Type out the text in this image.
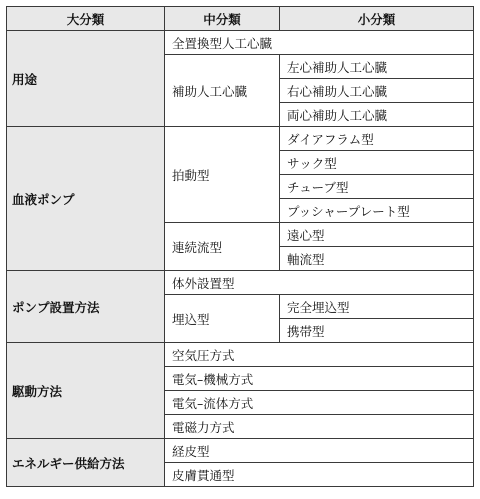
大分類	中分類	小分類
用途	全置換型人工心臓	
	補助人工心臓	左心補助人工心臓
		右心補助人工心臓
		両心補助人工心臓
血液ポンプ	拍動型	ダイアフラム型
		サック型
		チューブ型
		プッシャープレート型
	連続流型	遠心型
		軸流型
ポンプ設置方法	体外設置型	
	埋込型	完全埋込型
		携帯型
駆動方法	空気圧方式	
	電気–機械方式	
	電気–流体方式	
	電磁力方式	
エネルギー供給方法	経皮型	
	皮膚貫通型	
